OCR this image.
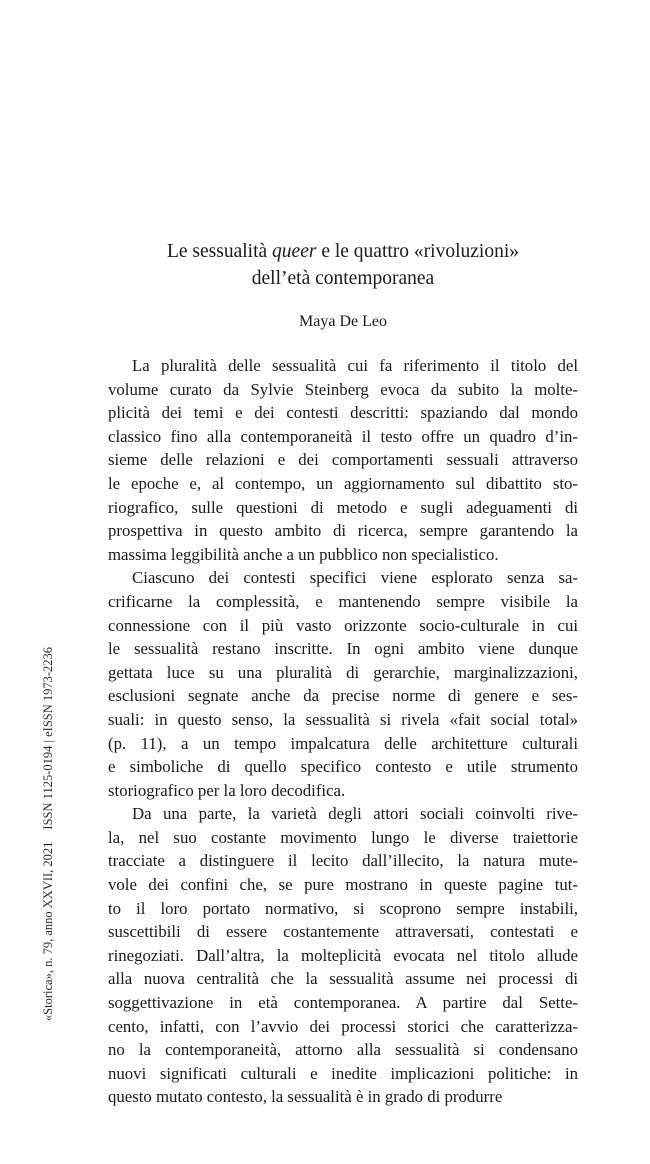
Le sessualità queer e le quattro «rivoluzioni»
dell’età contemporanea
Maya De Leo
La pluralità delle sessualità cui fa riferimento il titolo del
volume curato da Sylvie Steinberg evoca da subito la molte-
plicità dei temi e dei contesti descritti: spaziando dal mondo
classico fino alla contemporaneità il testo offre un quadro d’in-
sieme delle relazioni e dei comportamenti sessuali attraverso
le epoche e, al contempo, un aggiornamento sul dibattito sto-
riografico, sulle questioni di metodo e sugli adeguamenti di
prospettiva in questo ambito di ricerca, sempre garantendo la
massima leggibilità anche a un pubblico non specialistico.
Ciascuno dei contesti specifici viene esplorato senza sa-
crificarne la complessità, e mantenendo sempre visibile la
connessione con il più vasto orizzonte socio-culturale in cui
le sessualità restano inscritte. In ogni ambito viene dunque
gettata luce su una pluralità di gerarchie, marginalizzazioni,
esclusioni segnate anche da precise norme di genere e ses-
suali: in questo senso, la sessualità si rivela «fait social total»
(p. 11), a un tempo impalcatura delle architetture culturali
e simboliche di quello specifico contesto e utile strumento
storiografico per la loro decodifica.
Da una parte, la varietà degli attori sociali coinvolti rive-
la, nel suo costante movimento lungo le diverse traiettorie
tracciate a distinguere il lecito dall’illecito, la natura mute-
vole dei confini che, se pure mostrano in queste pagine tut-
to il loro portato normativo, si scoprono sempre instabili,
suscettibili di essere costantemente attraversati, contestati e
rinegoziati. Dall’altra, la molteplicità evocata nel titolo allude
alla nuova centralità che la sessualità assume nei processi di
soggettivazione in età contemporanea. A partire dal Sette-
cento, infatti, con l’avvio dei processi storici che caratterizza-
no la contemporaneità, attorno alla sessualità si condensano
nuovi significati culturali e inedite implicazioni politiche: in
questo mutato contesto, la sessualità è in grado di produrre
«Storica», n. 79, anno XXVII, 2021ISSN 1125-0194 | eISSN 1973-2236
